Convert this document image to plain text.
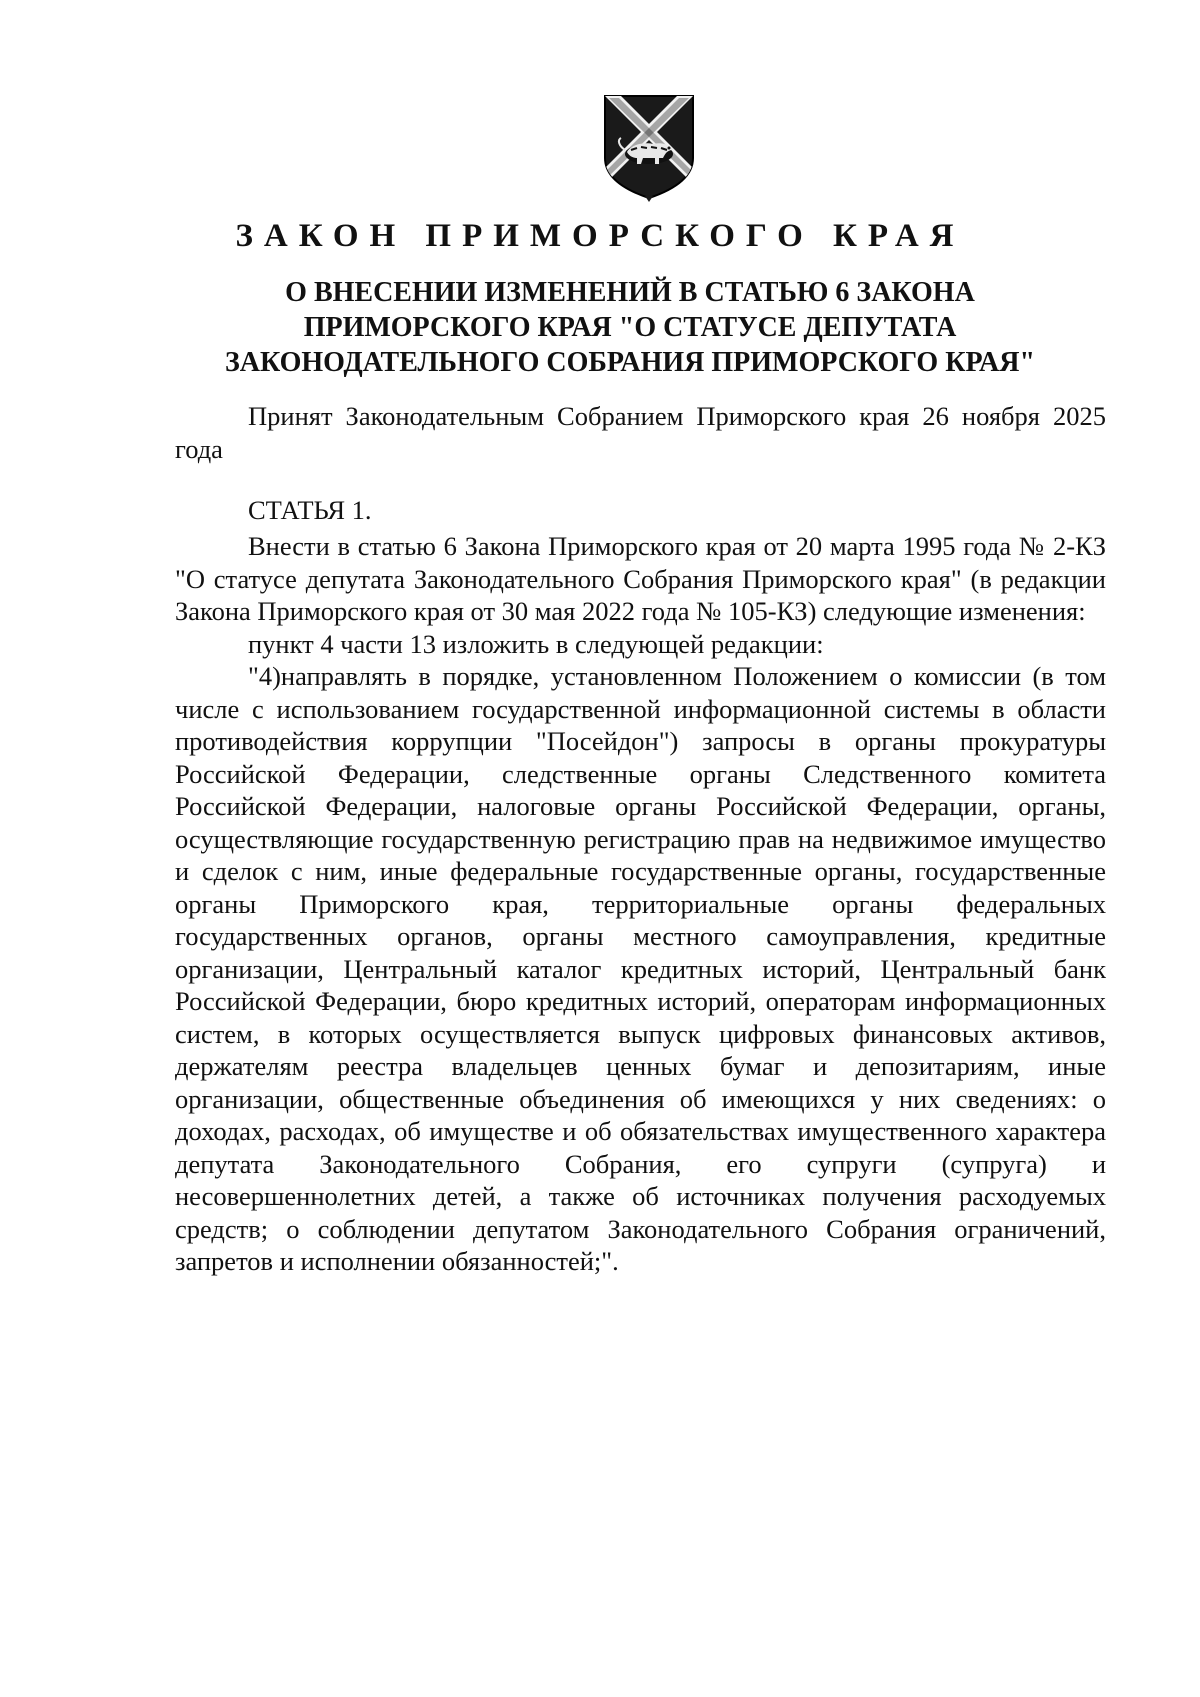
ЗАКОН ПРИМОРСКОГО КРАЯ
О ВНЕСЕНИИ ИЗМЕНЕНИЙ В СТАТЬЮ 6 ЗАКОНА
ПРИМОРСКОГО КРАЯ "О СТАТУСЕ ДЕПУТАТА
ЗАКОНОДАТЕЛЬНОГО СОБРАНИЯ ПРИМОРСКОГО КРАЯ"

Принят Законодательным Собранием Приморского края 26 ноября 2025 года

СТАТЬЯ 1.

Внести в статью 6 Закона Приморского края от 20 марта 1995 года № 2-КЗ "О статусе депутата Законодательного Собрания Приморского края" (в редакции Закона Приморского края от 30 мая 2022 года № 105-КЗ) следующие изменения:

пункт 4 части 13 изложить в следующей редакции:

"4)направлять в порядке, установленном Положением о комиссии (в том числе с использованием государственной информационной системы в области противодействия коррупции "Посейдон") запросы в органы прокуратуры Российской Федерации, следственные органы Следственного комитета Российской Федерации, налоговые органы Российской Федерации, органы, осуществляющие государственную регистрацию прав на недвижимое имущество и сделок с ним, иные федеральные государственные органы, государственные органы Приморского края, территориальные органы федеральных государственных органов, органы местного самоуправления, кредитные организации, Центральный каталог кредитных историй, Центральный банк Российской Федерации, бюро кредитных историй, операторам информационных систем, в которых осуществляется выпуск цифровых финансовых активов, держателям реестра владельцев ценных бумаг и депозитариям, иные организации, общественные объединения об имеющихся у них сведениях: о доходах, расходах, об имуществе и об обязательствах имущественного характера депутата Законодательного Собрания, его супруги (супруга) и несовершеннолетних детей, а также об источниках получения расходуемых средств; о соблюдении депутатом Законодательного Собрания ограничений, запретов и исполнении обязанностей;".
